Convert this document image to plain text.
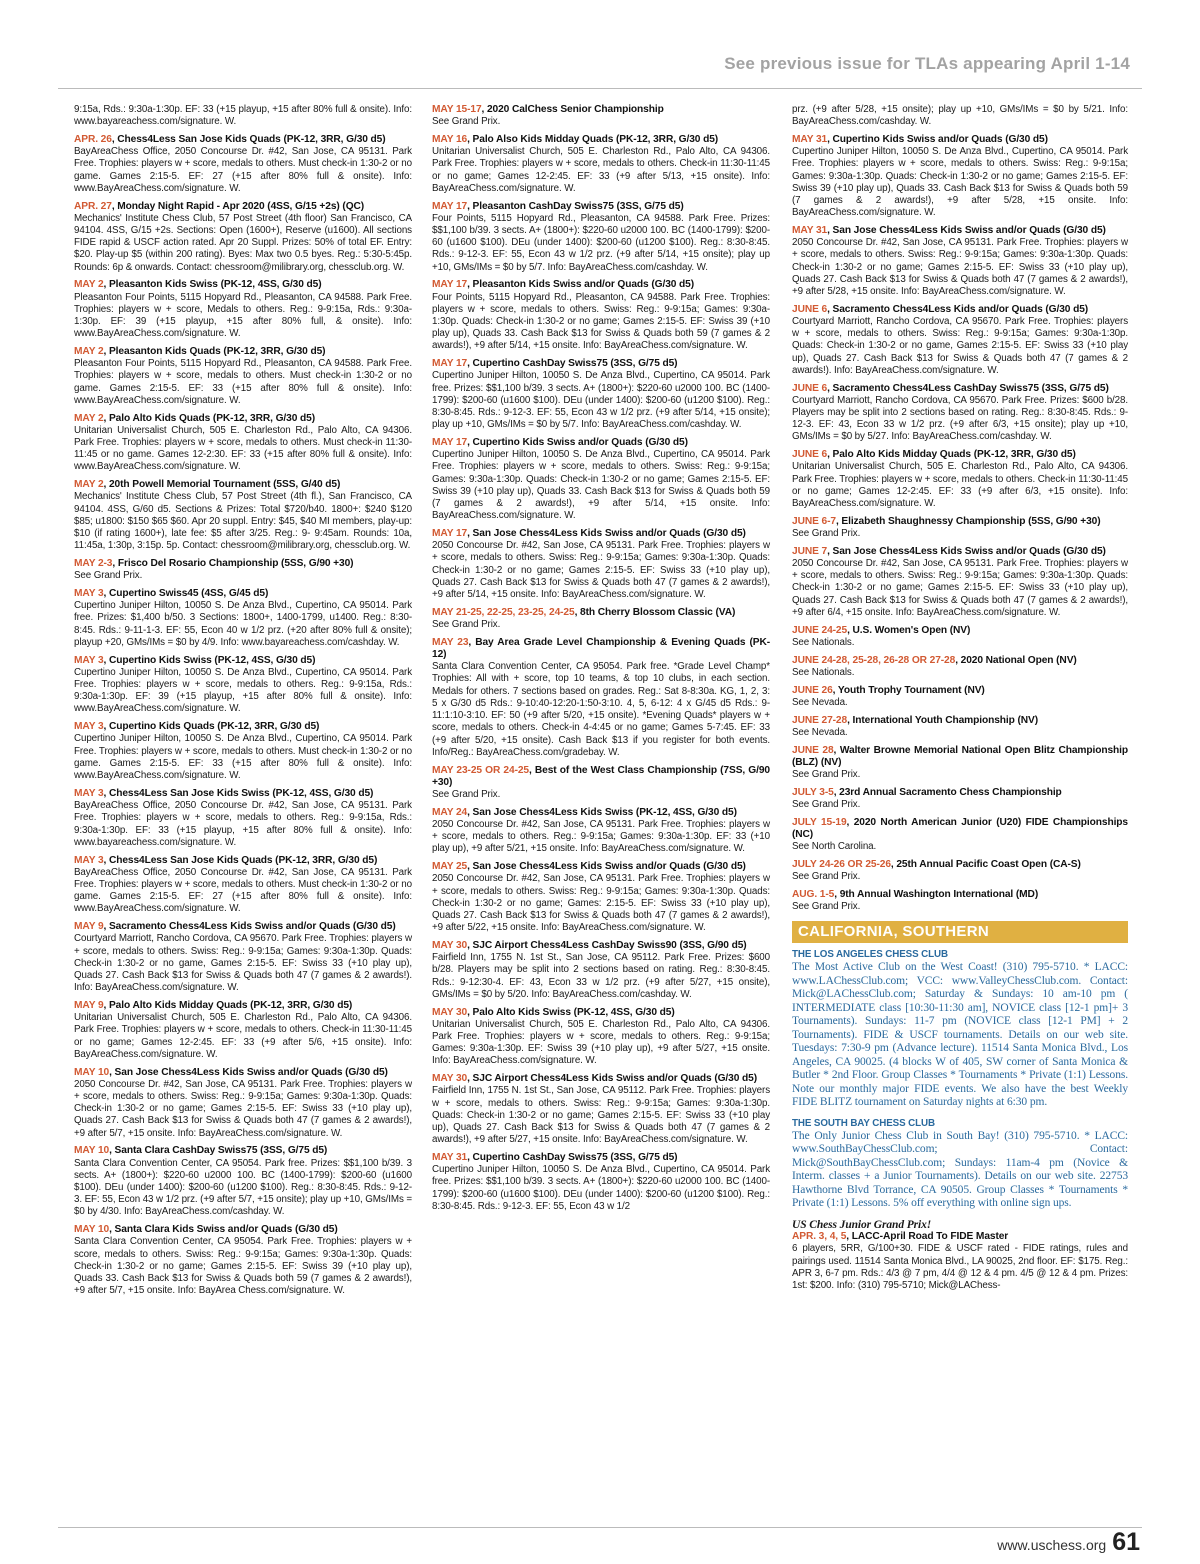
See previous issue for TLAs appearing April 1-14
9:15a, Rds.: 9:30a-1:30p. EF: 33 (+15 playup, +15 after 80% full & onsite). Info: www.bayareachess.com/signature. W.
APR. 26, Chess4Less San Jose Kids Quads (PK-12, 3RR, G/30 d5)
BayAreaChess Office, 2050 Concourse Dr. #42, San Jose, CA 95131. Park Free. Trophies: players w + score, medals to others. Must check-in 1:30-2 or no game. Games 2:15-5. EF: 27 (+15 after 80% full & onsite). Info: www.BayAreaChess.com/signature. W.
APR. 27, Monday Night Rapid - Apr 2020 (4SS, G/15 +2s) (QC)
Mechanics' Institute Chess Club, 57 Post Street (4th floor) San Francisco, CA 94104. 4SS, G/15 +2s. Sections: Open (1600+), Reserve (u1600). All sections FIDE rapid & USCF action rated. Apr 20 Suppl. Prizes: 50% of total EF. Entry: $20. Play-up $5 (within 200 rating). Byes: Max two 0.5 byes. Reg.: 5:30-5:45p. Rounds: 6p & onwards. Contact: chessroom@milibrary.org, chessclub.org. W.
MAY 2, Pleasanton Kids Swiss (PK-12, 4SS, G/30 d5)
Pleasanton Four Points, 5115 Hopyard Rd., Pleasanton, CA 94588. Park Free. Trophies: players w + score, Medals to others. Reg.: 9-9:15a, Rds.: 9:30a-1:30p. EF: 39 (+15 playup, +15 after 80% full, & onsite). Info: www.BayAreaChess.com/signature. W.
MAY 2, Pleasanton Kids Quads (PK-12, 3RR, G/30 d5)
Pleasanton Four Points, 5115 Hopyard Rd., Pleasanton, CA 94588. Park Free. Trophies: players w + score, medals to others. Must check-in 1:30-2 or no game. Games 2:15-5. EF: 33 (+15 after 80% full & onsite). Info: www.BayAreaChess.com/signature. W.
MAY 2, Palo Alto Kids Quads (PK-12, 3RR, G/30 d5)
Unitarian Universalist Church, 505 E. Charleston Rd., Palo Alto, CA 94306. Park Free. Trophies: players w + score, medals to others. Must check-in 11:30-11:45 or no game. Games 12-2:30. EF: 33 (+15 after 80% full & onsite). Info: www.BayAreaChess.com/signature. W.
MAY 2, 20th Powell Memorial Tournament (5SS, G/40 d5)
Mechanics' Institute Chess Club, 57 Post Street (4th fl.), San Francisco, CA 94104. 4SS, G/60 d5. Sections & Prizes: Total $720/b40. 1800+: $240 $120 $85; u1800: $150 $65 $60. Apr 20 suppl. Entry: $45, $40 MI members, play-up: $10 (if rating 1600+), late fee: $5 after 3/25. Reg.: 9- 9:45am. Rounds: 10a, 11:45a, 1:30p, 3:15p. 5p. Contact: chessroom@milibrary.org, chessclub.org. W.
MAY 2-3, Frisco Del Rosario Championship (5SS, G/90 +30)
See Grand Prix.
MAY 3, Cupertino Swiss45 (4SS, G/45 d5)
Cupertino Juniper Hilton, 10050 S. De Anza Blvd., Cupertino, CA 95014. Park free. Prizes: $1,400 b/50. 3 Sections: 1800+, 1400-1799, u1400. Reg.: 8:30-8:45. Rds.: 9-11-1-3. EF: 55, Econ 40 w 1/2 prz. (+20 after 80% full & onsite); playup +20, GMs/IMs = $0 by 4/9. Info: www.bayareachess.com/cashday. W.
MAY 3, Cupertino Kids Swiss (PK-12, 4SS, G/30 d5)
Cupertino Juniper Hilton, 10050 S. De Anza Blvd., Cupertino, CA 95014. Park Free. Trophies: players w + score, medals to others. Reg.: 9-9:15a, Rds.: 9:30a-1:30p. EF: 39 (+15 playup, +15 after 80% full & onsite). Info: www.BayAreaChess.com/signature. W.
MAY 3, Cupertino Kids Quads (PK-12, 3RR, G/30 d5)
Cupertino Juniper Hilton, 10050 S. De Anza Blvd., Cupertino, CA 95014. Park Free. Trophies: players w + score, medals to others. Must check-in 1:30-2 or no game. Games 2:15-5. EF: 33 (+15 after 80% full & onsite). Info: www.BayAreaChess.com/signature. W.
MAY 3, Chess4Less San Jose Kids Swiss (PK-12, 4SS, G/30 d5)
BayAreaChess Office, 2050 Concourse Dr. #42, San Jose, CA 95131. Park Free. Trophies: players w + score, medals to others. Reg.: 9-9:15a, Rds.: 9:30a-1:30p. EF: 33 (+15 playup, +15 after 80% full & onsite). Info: www.bayareachess.com/signature. W.
MAY 3, Chess4Less San Jose Kids Quads (PK-12, 3RR, G/30 d5)
BayAreaChess Office, 2050 Concourse Dr. #42, San Jose, CA 95131. Park Free. Trophies: players w + score, medals to others. Must check-in 1:30-2 or no game. Games 2:15-5. EF: 27 (+15 after 80% full & onsite). Info: www.BayAreaChess.com/signature. W.
MAY 9, Sacramento Chess4Less Kids Swiss and/or Quads (G/30 d5)
Courtyard Marriott, Rancho Cordova, CA 95670. Park Free. Trophies: players w + score, medals to others. Swiss: Reg.: 9-9:15a; Games: 9:30a-1:30p. Quads: Check-in 1:30-2 or no game, Games 2:15-5. EF: Swiss 33 (+10 play up), Quads 27. Cash Back $13 for Swiss & Quads both 47 (7 games & 2 awards!). Info: BayAreaChess.com/signature. W.
MAY 9, Palo Alto Kids Midday Quads (PK-12, 3RR, G/30 d5)
Unitarian Universalist Church, 505 E. Charleston Rd., Palo Alto, CA 94306. Park Free. Trophies: players w + score, medals to others. Check-in 11:30-11:45 or no game; Games 12-2:45. EF: 33 (+9 after 5/6, +15 onsite). Info: BayAreaChess.com/signature. W.
MAY 10, San Jose Chess4Less Kids Swiss and/or Quads (G/30 d5)
2050 Concourse Dr. #42, San Jose, CA 95131. Park Free. Trophies: players w + score, medals to others. Swiss: Reg.: 9-9:15a; Games: 9:30a-1:30p. Quads: Check-in 1:30-2 or no game; Games 2:15-5. EF: Swiss 33 (+10 play up), Quads 27. Cash Back $13 for Swiss & Quads both 47 (7 games & 2 awards!), +9 after 5/7, +15 onsite. Info: BayAreaChess.com/signature. W.
MAY 10, Santa Clara CashDay Swiss75 (3SS, G/75 d5)
Santa Clara Convention Center, CA 95054. Park free. Prizes: $$1,100 b/39. 3 sects. A+ (1800+): $220-60 u2000 100. BC (1400-1799): $200-60 (u1600 $100). DEu (under 1400): $200-60 (u1200 $100). Reg.: 8:30-8:45. Rds.: 9-12-3. EF: 55, Econ 43 w 1/2 prz. (+9 after 5/7, +15 onsite); play up +10, GMs/IMs = $0 by 4/30. Info: BayAreaChess.com/cashday. W.
MAY 10, Santa Clara Kids Swiss and/or Quads (G/30 d5)
Santa Clara Convention Center, CA 95054. Park Free. Trophies: players w + score, medals to others. Swiss: Reg.: 9-9:15a; Games: 9:30a-1:30p. Quads: Check-in 1:30-2 or no game; Games 2:15-5. EF: Swiss 39 (+10 play up), Quads 33. Cash Back $13 for Swiss & Quads both 59 (7 games & 2 awards!), +9 after 5/7, +15 onsite. Info: BayArea Chess.com/signature. W.
MAY 15-17, 2020 CalChess Senior Championship
See Grand Prix.
MAY 16, Palo Also Kids Midday Quads (PK-12, 3RR, G/30 d5)
Unitarian Universalist Church, 505 E. Charleston Rd., Palo Alto, CA 94306. Park Free. Trophies: players w + score, medals to others. Check-in 11:30-11:45 or no game; Games 12-2:45. EF: 33 (+9 after 5/13, +15 onsite). Info: BayAreaChess.com/signature. W.
MAY 17, Pleasanton CashDay Swiss75 (3SS, G/75 d5)
Four Points, 5115 Hopyard Rd., Pleasanton, CA 94588. Park Free. Prizes: $$1,100 b/39. 3 sects. A+ (1800+): $220-60 u2000 100. BC (1400-1799): $200-60 (u1600 $100). DEu (under 1400): $200-60 (u1200 $100). Reg.: 8:30-8:45. Rds.: 9-12-3. EF: 55, Econ 43 w 1/2 prz. (+9 after 5/14, +15 onsite); play up +10, GMs/IMs = $0 by 5/7. Info: BayAreaChess.com/cashday. W.
MAY 17, Pleasanton Kids Swiss and/or Quads (G/30 d5)
Four Points, 5115 Hopyard Rd., Pleasanton, CA 94588. Park Free. Trophies: players w + score, medals to others. Swiss: Reg.: 9-9:15a; Games: 9:30a-1:30p. Quads: Check-in 1:30-2 or no game; Games 2:15-5. EF: Swiss 39 (+10 play up), Quads 33. Cash Back $13 for Swiss & Quads both 59 (7 games & 2 awards!), +9 after 5/14, +15 onsite. Info: BayAreaChess.com/signature. W.
MAY 17, Cupertino CashDay Swiss75 (3SS, G/75 d5)
Cupertino Juniper Hilton, 10050 S. De Anza Blvd., Cupertino, CA 95014. Park free. Prizes: $$1,100 b/39. 3 sects. A+ (1800+): $220-60 u2000 100. BC (1400-1799): $200-60 (u1600 $100). DEu (under 1400): $200-60 (u1200 $100). Reg.: 8:30-8:45. Rds.: 9-12-3. EF: 55, Econ 43 w 1/2 prz. (+9 after 5/14, +15 onsite); play up +10, GMs/IMs = $0 by 5/7. Info: BayAreaChess.com/cashday. W.
MAY 17, Cupertino Kids Swiss and/or Quads (G/30 d5)
Cupertino Juniper Hilton, 10050 S. De Anza Blvd., Cupertino, CA 95014. Park Free. Trophies: players w + score, medals to others. Swiss: Reg.: 9-9:15a; Games: 9:30a-1:30p. Quads: Check-in 1:30-2 or no game; Games 2:15-5. EF: Swiss 39 (+10 play up), Quads 33. Cash Back $13 for Swiss & Quads both 59 (7 games & 2 awards!), +9 after 5/14, +15 onsite. Info: BayAreaChess.com/signature. W.
MAY 17, San Jose Chess4Less Kids Swiss and/or Quads (G/30 d5)
2050 Concourse Dr. #42, San Jose, CA 95131. Park Free. Trophies: players w + score, medals to others. Swiss: Reg.: 9-9:15a; Games: 9:30a-1:30p. Quads: Check-in 1:30-2 or no game; Games 2:15-5. EF: Swiss 33 (+10 play up), Quads 27. Cash Back $13 for Swiss & Quads both 47 (7 games & 2 awards!), +9 after 5/14, +15 onsite. Info: BayAreaChess.com/signature. W.
MAY 21-25, 22-25, 23-25, 24-25, 8th Cherry Blossom Classic (VA)
See Grand Prix.
MAY 23, Bay Area Grade Level Championship & Evening Quads (PK-12)
Santa Clara Convention Center, CA 95054. Park free. *Grade Level Champ* Trophies: All with + score, top 10 teams, & top 10 clubs, in each section. Medals for others. 7 sections based on grades. Reg.: Sat 8-8:30a. KG, 1, 2, 3: 5 x G/30 d5 Rds.: 9-10:40-12:20-1:50-3:10. 4, 5, 6-12: 4 x G/45 d5 Rds.: 9-11:1:10-3:10. EF: 50 (+9 after 5/20, +15 onsite). *Evening Quads* players w + score, medals to others. Check-in 4-4:45 or no game; Games 5-7:45. EF: 33 (+9 after 5/20, +15 onsite). Cash Back $13 if you register for both events. Info/Reg.: BayAreaChess.com/gradebay. W.
MAY 23-25 OR 24-25, Best of the West Class Championship (7SS, G/90 +30)
See Grand Prix.
MAY 24, San Jose Chess4Less Kids Swiss (PK-12, 4SS, G/30 d5)
2050 Concourse Dr. #42, San Jose, CA 95131. Park Free. Trophies: players w + score, medals to others. Reg.: 9-9:15a; Games: 9:30a-1:30p. EF: 33 (+10 play up), +9 after 5/21, +15 onsite. Info: BayAreaChess.com/signature. W.
MAY 25, San Jose Chess4Less Kids Swiss and/or Quads (G/30 d5)
2050 Concourse Dr. #42, San Jose, CA 95131. Park Free. Trophies: players w + score, medals to others. Swiss: Reg.: 9-9:15a; Games: 9:30a-1:30p. Quads: Check-in 1:30-2 or no game; Games: 2:15-5. EF: Swiss 33 (+10 play up), Quads 27. Cash Back $13 for Swiss & Quads both 47 (7 games & 2 awards!), +9 after 5/22, +15 onsite. Info: BayAreaChess.com/signature. W.
MAY 30, SJC Airport Chess4Less CashDay Swiss90 (3SS, G/90 d5)
Fairfield Inn, 1755 N. 1st St., San Jose, CA 95112. Park Free. Prizes: $600 b/28. Players may be split into 2 sections based on rating. Reg.: 8:30-8:45. Rds.: 9-12:30-4. EF: 43, Econ 33 w 1/2 prz. (+9 after 5/27, +15 onsite), GMs/IMs = $0 by 5/20. Info: BayAreaChess.com/cashday. W.
MAY 30, Palo Alto Kids Swiss (PK-12, 4SS, G/30 d5)
Unitarian Universalist Church, 505 E. Charleston Rd., Palo Alto, CA 94306. Park Free. Trophies: players w + score, medals to others. Reg.: 9-9:15a; Games: 9:30a-1:30p. EF: Swiss 39 (+10 play up), +9 after 5/27, +15 onsite. Info: BayAreaChess.com/signature. W.
MAY 30, SJC Airport Chess4Less Kids Swiss and/or Quads (G/30 d5)
Fairfield Inn, 1755 N. 1st St., San Jose, CA 95112. Park Free. Trophies: players w + score, medals to others. Swiss: Reg.: 9-9:15a; Games: 9:30a-1:30p. Quads: Check-in 1:30-2 or no game; Games 2:15-5. EF: Swiss 33 (+10 play up), Quads 27. Cash Back $13 for Swiss & Quads both 47 (7 games & 2 awards!), +9 after 5/27, +15 onsite. Info: BayAreaChess.com/signature. W.
MAY 31, Cupertino CashDay Swiss75 (3SS, G/75 d5)
Cupertino Juniper Hilton, 10050 S. De Anza Blvd., Cupertino, CA 95014. Park free. Prizes: $$1,100 b/39. 3 sects. A+ (1800+): $220-60 u2000 100. BC (1400-1799): $200-60 (u1600 $100). DEu (under 1400): $200-60 (u1200 $100). Reg.: 8:30-8:45. Rds.: 9-12-3. EF: 55, Econ 43 w 1/2
prz. (+9 after 5/28, +15 onsite); play up +10, GMs/IMs = $0 by 5/21. Info: BayAreaChess.com/cashday. W.
MAY 31, Cupertino Kids Swiss and/or Quads (G/30 d5)
Cupertino Juniper Hilton, 10050 S. De Anza Blvd., Cupertino, CA 95014. Park Free. Trophies: players w + score, medals to others. Swiss: Reg.: 9-9:15a; Games: 9:30a-1:30p. Quads: Check-in 1:30-2 or no game; Games 2:15-5. EF: Swiss 39 (+10 play up), Quads 33. Cash Back $13 for Swiss & Quads both 59 (7 games & 2 awards!), +9 after 5/28, +15 onsite. Info: BayAreaChess.com/signature. W.
MAY 31, San Jose Chess4Less Kids Swiss and/or Quads (G/30 d5)
2050 Concourse Dr. #42, San Jose, CA 95131. Park Free. Trophies: players w + score, medals to others. Swiss: Reg.: 9-9:15a; Games: 9:30a-1:30p. Quads: Check-in 1:30-2 or no game; Games 2:15-5. EF: Swiss 33 (+10 play up), Quads 27. Cash Back $13 for Swiss & Quads both 47 (7 games & 2 awards!), +9 after 5/28, +15 onsite. Info: BayAreaChess.com/signature. W.
JUNE 6, Sacramento Chess4Less Kids and/or Quads (G/30 d5)
Courtyard Marriott, Rancho Cordova, CA 95670. Park Free. Trophies: players w + score, medals to others. Swiss: Reg.: 9-9:15a; Games: 9:30a-1:30p. Quads: Check-in 1:30-2 or no game, Games 2:15-5. EF: Swiss 33 (+10 play up), Quads 27. Cash Back $13 for Swiss & Quads both 47 (7 games & 2 awards!). Info: BayAreaChess.com/signature. W.
JUNE 6, Sacramento Chess4Less CashDay Swiss75 (3SS, G/75 d5)
Courtyard Marriott, Rancho Cordova, CA 95670. Park Free. Prizes: $600 b/28. Players may be split into 2 sections based on rating. Reg.: 8:30-8:45. Rds.: 9-12-3. EF: 43, Econ 33 w 1/2 prz. (+9 after 6/3, +15 onsite); play up +10, GMs/IMs = $0 by 5/27. Info: BayAreaChess.com/cashday. W.
JUNE 6, Palo Alto Kids Midday Quads (PK-12, 3RR, G/30 d5)
Unitarian Universalist Church, 505 E. Charleston Rd., Palo Alto, CA 94306. Park Free. Trophies: players w + score, medals to others. Check-in 11:30-11:45 or no game; Games 12-2:45. EF: 33 (+9 after 6/3, +15 onsite). Info: BayAreaChess.com/signature. W.
JUNE 6-7, Elizabeth Shaughnessy Championship (5SS, G/90 +30)
See Grand Prix.
JUNE 7, San Jose Chess4Less Kids Swiss and/or Quads (G/30 d5)
2050 Concourse Dr. #42, San Jose, CA 95131. Park Free. Trophies: players w + score, medals to others. Swiss: Reg.: 9-9:15a; Games: 9:30a-1:30p. Quads: Check-in 1:30-2 or no game; Games 2:15-5. EF: Swiss 33 (+10 play up), Quads 27. Cash Back $13 for Swiss & Quads both 47 (7 games & 2 awards!), +9 after 6/4, +15 onsite. Info: BayAreaChess.com/signature. W.
JUNE 24-25, U.S. Women's Open (NV)
See Nationals.
JUNE 24-28, 25-28, 26-28 OR 27-28, 2020 National Open (NV)
See Nationals.
JUNE 26, Youth Trophy Tournament (NV)
See Nevada.
JUNE 27-28, International Youth Championship (NV)
See Nevada.
JUNE 28, Walter Browne Memorial National Open Blitz Championship (BLZ) (NV)
See Grand Prix.
JULY 3-5, 23rd Annual Sacramento Chess Championship
See Grand Prix.
JULY 15-19, 2020 North American Junior (U20) FIDE Championships (NC)
See North Carolina.
JULY 24-26 OR 25-26, 25th Annual Pacific Coast Open (CA-S)
See Grand Prix.
AUG. 1-5, 9th Annual Washington International (MD)
See Grand Prix.
CALIFORNIA, SOUTHERN
THE LOS ANGELES CHESS CLUB
The Most Active Club on the West Coast! (310) 795-5710. * LACC: www.LAChessClub.com; VCC: www.ValleyChessClub.com. Contact: Mick@LAChessClub.com; Saturday & Sundays: 10 am-10 pm ( INTERMEDIATE class [10:30-11:30 am], NOVICE class [12-1 pm]+ 3 Tournaments). Sundays: 11-7 pm (NOVICE class [12-1 PM] + 2 Tournaments). FIDE & USCF tournaments. Details on our web site. Tuesdays: 7:30-9 pm (Advance lecture). 11514 Santa Monica Blvd., Los Angeles, CA 90025. (4 blocks W of 405, SW corner of Santa Monica & Butler * 2nd Floor. Group Classes * Tournaments * Private (1:1) Lessons. Note our monthly major FIDE events. We also have the best Weekly FIDE BLITZ tournament on Saturday nights at 6:30 pm.
THE SOUTH BAY CHESS CLUB
The Only Junior Chess Club in South Bay! (310) 795-5710. * LACC: www.SouthBayChessClub.com; Contact: Mick@SouthBayChessClub.com; Sundays: 11am-4 pm (Novice & Interm. classes + a Junior Tournaments). Details on our web site. 22753 Hawthorne Blvd Torrance, CA 90505. Group Classes * Tournaments * Private (1:1) Lessons. 5% off everything with online sign ups.
US Chess Junior Grand Prix!
APR. 3, 4, 5, LACC-April Road To FIDE Master
6 players, 5RR, G/100+30. FIDE & USCF rated - FIDE ratings, rules and pairings used. 11514 Santa Monica Blvd., LA 90025, 2nd floor. EF: $175. Reg.: APR 3, 6-7 pm. Rds.: 4/3 @ 7 pm, 4/4 @ 12 & 4 pm. 4/5 @ 12 & 4 pm. Prizes: 1st: $200. Info: (310) 795-5710; Mick@LAChess-
www.uschess.org 61
